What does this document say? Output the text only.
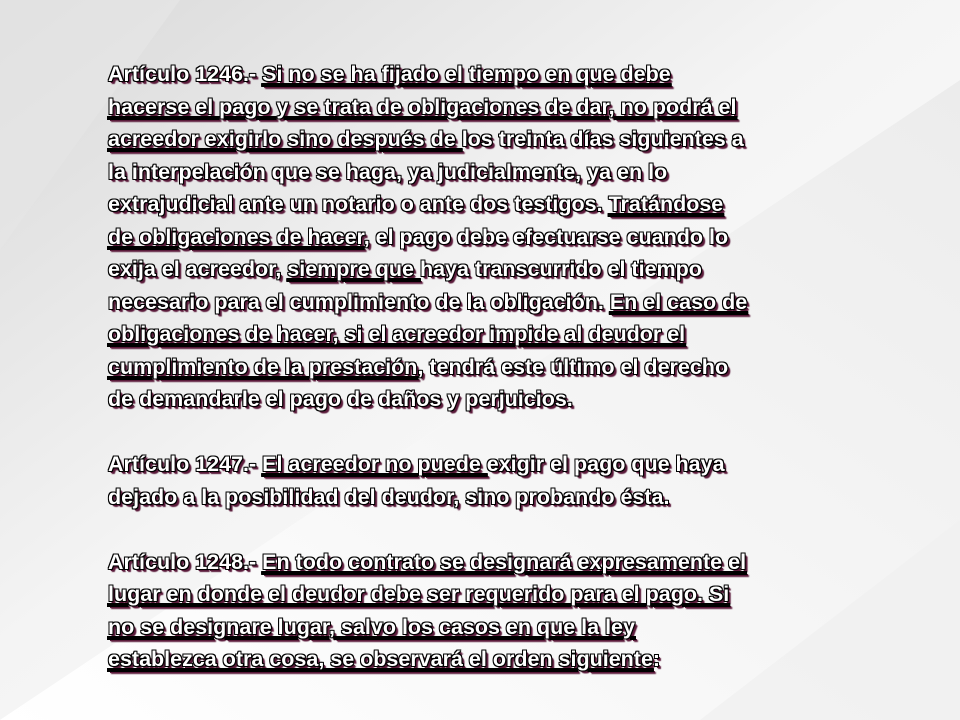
Artículo 1246.- Si no se ha fijado el tiempo en que debe
hacerse el pago y se trata de obligaciones de dar, no podrá el
acreedor exigirlo sino después de los treinta días siguientes a
la interpelación que se haga, ya judicialmente, ya en lo
extrajudicial ante un notario o ante dos testigos. Tratándose
de obligaciones de hacer, el pago debe efectuarse cuando lo
exija el acreedor, siempre que haya transcurrido el tiempo
necesario para el cumplimiento de la obligación. En el caso de
obligaciones de hacer, si el acreedor impide al deudor el
cumplimiento de la prestación, tendrá este último el derecho
de demandarle el pago de daños y perjuicios.
Artículo 1247.- El acreedor no puede exigir el pago que haya
dejado a la posibilidad del deudor, sino probando ésta.
Artículo 1248.- En todo contrato se designará expresamente el
lugar en donde el deudor debe ser requerido para el pago. Si
no se designare lugar, salvo los casos en que la ley
establezca otra cosa, se observará el orden siguiente:
